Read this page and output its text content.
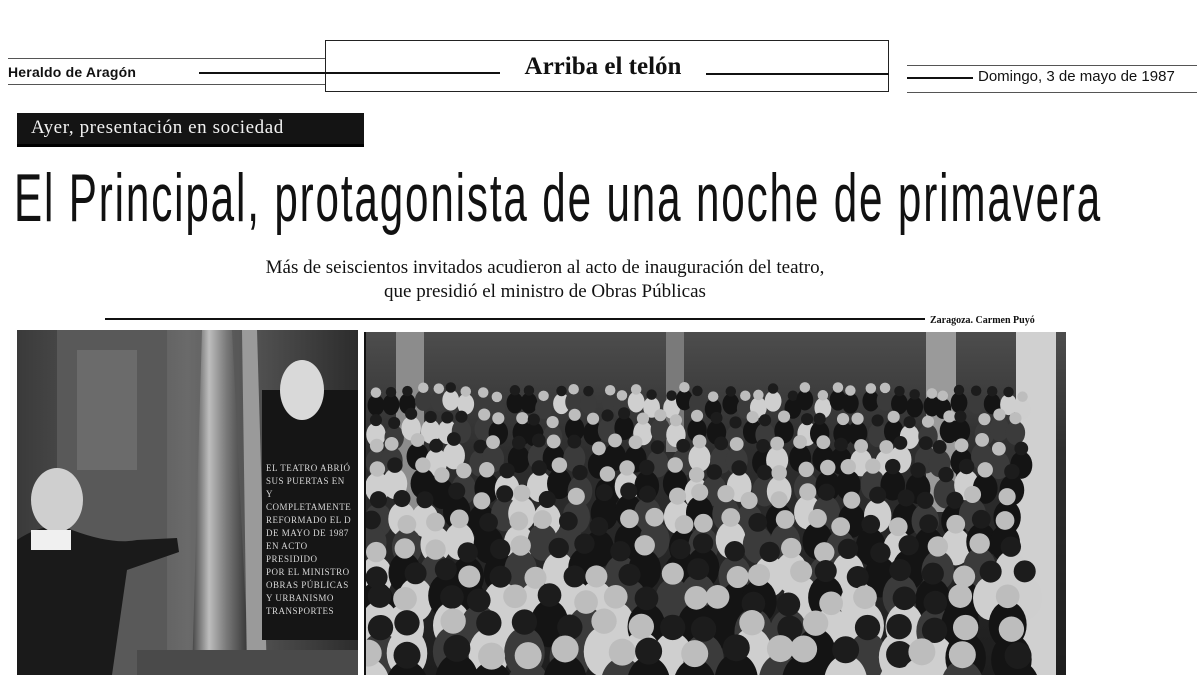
Heraldo de Aragón	Arriba el telón	Domingo, 3 de mayo de 1987
Ayer, presentación en sociedad
El Principal, protagonista de una noche de primavera
Más de seiscientos invitados acudieron al acto de inauguración del teatro,
que presidió el ministro de Obras Públicas
Zaragoza. Carmen Puyó
EL TEATRO ABRIÓ
SUS PUERTAS EN
Y COMPLETAMENTE
REFORMADO EL D
DE MAYO DE 1987
EN ACTO PRESIDIDO
POR EL MINISTRO
OBRAS PÚBLICAS
Y URBANISMO
TRANSPORTES
